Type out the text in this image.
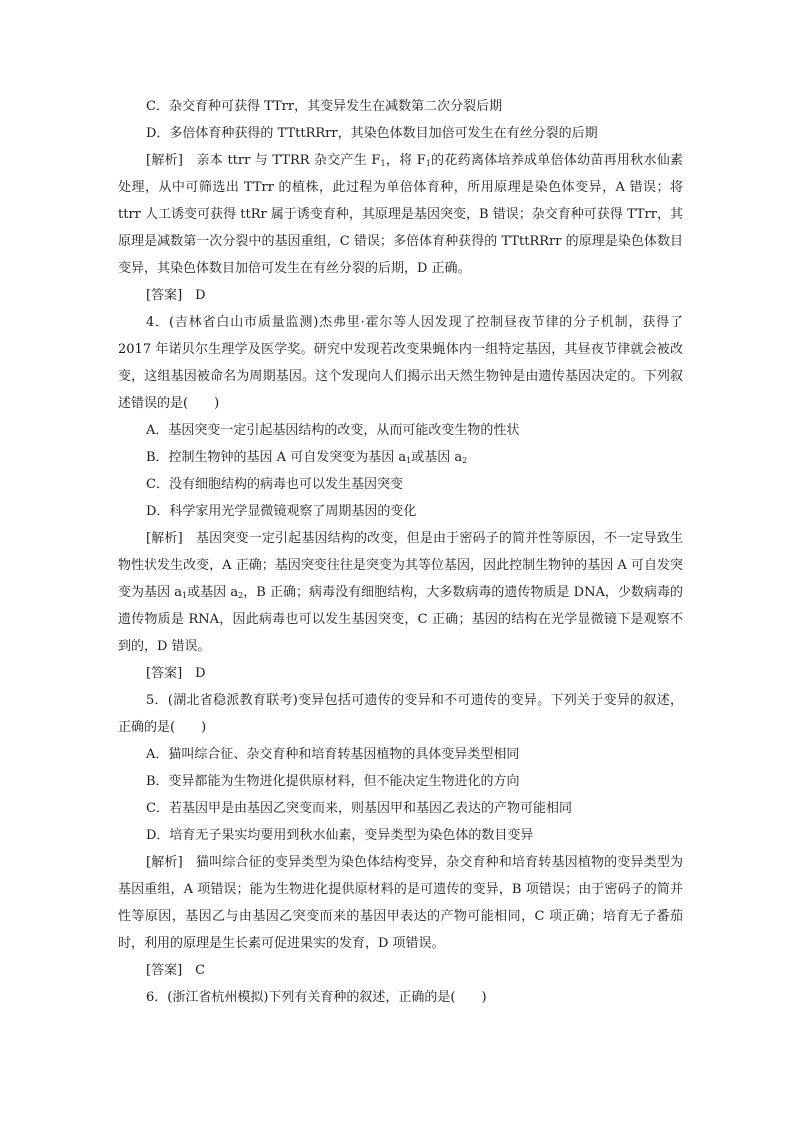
C．杂交育种可获得 TTrr，其变异发生在减数第二次分裂后期

D．多倍体育种获得的 TTttRRrr，其染色体数目加倍可发生在有丝分裂的后期

[解析]　 亲本 ttrr 与 TTRR 杂交产生 $F_1$，将 $F_1$的花药离体培养成单倍体幼苗再用秋水仙素处理，从中可筛选出 TTrr 的植株，此过程为单倍体育种，所用原理是染色体变异，A 错误；将 ttrr 人工诱变可获得 ttRr 属于诱变育种，其原理是基因突变，B 错误；杂交育种可获得 TTrr，其原理是减数第一次分裂中的基因重组，C 错误；多倍体育种获得的 TTttRRrr 的原理是染色体数目变异，其染色体数目加倍可发生在有丝分裂的后期，D 正确。

[答案]　 D

4．(吉林省白山市质量监测)杰弗里·霍尔等人因发现了控制昼夜节律的分子机制，获得了 2017 年诺贝尔生理学及医学奖。研究中发现若改变果蝇体内一组特定基因，其昼夜节律就会被改变，这组基因被命名为周期基因。这个发现向人们揭示出天然生物钟是由遗传基因决定的。下列叙述错误的是(　　)

A．基因突变一定引起基因结构的改变，从而可能改变生物的性状

B．控制生物钟的基因 A 可自发突变为基因 $a_1$或基因 $a_2$

C．没有细胞结构的病毒也可以发生基因突变

D．科学家用光学显微镜观察了周期基因的变化

[解析]　 基因突变一定引起基因结构的改变，但是由于密码子的简并性等原因，不一定导致生物性状发生改变，A 正确；基因突变往往是突变为其等位基因，因此控制生物钟的基因 A 可自发突变为基因 $a_1$或基因 $a_2$，B 正确；病毒没有细胞结构，大多数病毒的遗传物质是 DNA，少数病毒的遗传物质是 RNA，因此病毒也可以发生基因突变，C 正确；基因的结构在光学显微镜下是观察不到的，D 错误。

[答案]　 D

5．(湖北省稳派教育联考)变异包括可遗传的变异和不可遗传的变异。下列关于变异的叙述，正确的是(　　)

A．猫叫综合征、杂交育种和培育转基因植物的具体变异类型相同

B．变异都能为生物进化提供原材料，但不能决定生物进化的方向

C．若基因甲是由基因乙突变而来，则基因甲和基因乙表达的产物可能相同

D．培育无子果实均要用到秋水仙素，变异类型为染色体的数目变异

[解析]　 猫叫综合征的变异类型为染色体结构变异，杂交育种和培育转基因植物的变异类型为基因重组，A 项错误；能为生物进化提供原材料的是可遗传的变异，B 项错误；由于密码子的简并性等原因，基因乙与由基因乙突变而来的基因甲表达的产物可能相同，C 项正确；培育无子番茄时，利用的原理是生长素可促进果实的发育，D 项错误。

[答案]　 C

6．(浙江省杭州模拟)下列有关育种的叙述，正确的是(　　)
